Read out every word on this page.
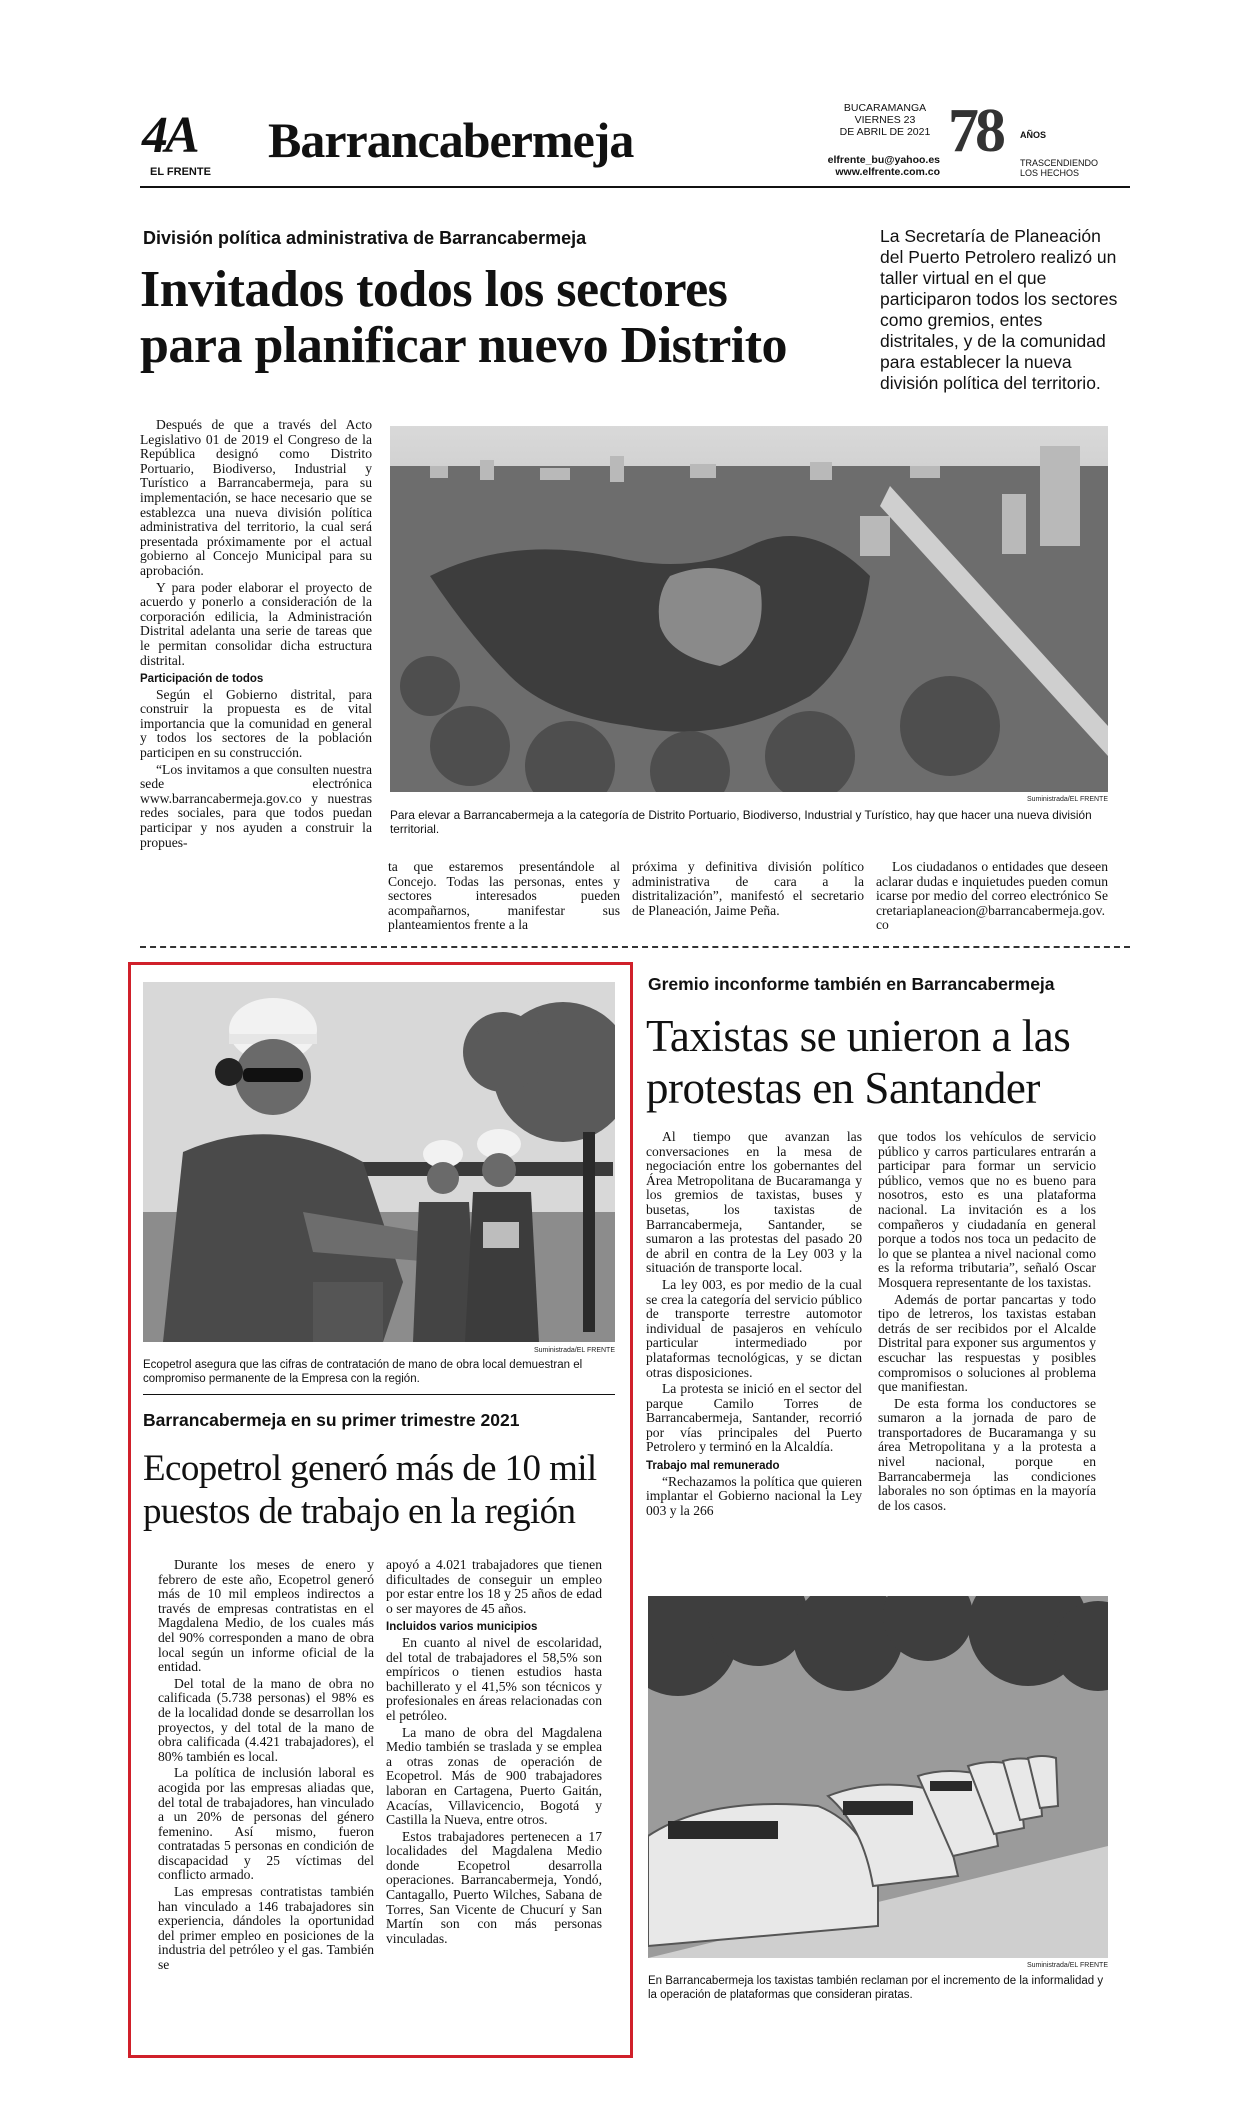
4A
EL FRENTE
Barrancabermeja
BUCARAMANGA
VIERNES 23
DE ABRIL DE 2021
elfrente_bu@yahoo.es
www.elfrente.com.co
78 AÑOS
TRASCENDIENDO
LOS HECHOS
División política administrativa de Barrancabermeja
Invitados todos los sectores
para planificar nuevo Distrito
La Secretaría de Planeación del Puerto Petrolero realizó un taller virtual en el que participaron todos los sectores como gremios, entes distritales, y de la comunidad para establecer la nueva división política del territorio.

Después de que a través del Acto Legislativo 01 de 2019 el Congreso de la República designó como Distrito Portuario, Biodiverso, Industrial y Turístico a Barrancabermeja, para su implementación, se hace necesario que se establezca una nueva división política administrativa del territorio, la cual será presentada próximamente por el actual gobierno al Concejo Municipal para su aprobación.

Y para poder elaborar el proyecto de acuerdo y ponerlo a consideración de la corporación edilicia, la Administración Distrital adelanta una serie de tareas que le permitan consolidar dicha estructura distrital.

Participación de todos

Según el Gobierno distrital, para construir la propuesta es de vital importancia que la comunidad en general y todos los sectores de la población participen en su construcción.

“Los invitamos a que consulten nuestra sede electrónica www.barrancabermeja.gov.co y nuestras redes sociales, para que todos puedan participar y nos ayuden a construir la propues-

Suministrada/EL FRENTE
Para elevar a Barrancabermeja a la categoría de Distrito Portuario, Biodiverso, Industrial y Turístico, hay que hacer una nueva división territorial.

ta que estaremos presentándole al Concejo. Todas las personas, entes y sectores interesados pueden acompañarnos, manifestar sus planteamientos frente a la

próxima y definitiva división político administrativa de cara a la distritalización”, manifestó el secretario de Planeación, Jaime Peña.

Los ciudadanos o entidades que deseen aclarar dudas e inquietudes pueden comunicarse por medio del correo electrónico Secretariaplaneacion@barrancabermeja.gov.co

Suministrada/EL FRENTE
Ecopetrol asegura que las cifras de contratación de mano de obra local demuestran el compromiso permanente de la Empresa con la región.
Barrancabermeja en su primer trimestre 2021
Ecopetrol generó más de 10 mil
puestos de trabajo en la región

Durante los meses de enero y febrero de este año, Ecopetrol generó más de 10 mil empleos indirectos a través de empresas contratistas en el Magdalena Medio, de los cuales más del 90% corresponden a mano de obra local según un informe oficial de la entidad.

Del total de la mano de obra no calificada (5.738 personas) el 98% es de la localidad donde se desarrollan los proyectos, y del total de la mano de obra calificada (4.421 trabajadores), el 80% también es local.

La política de inclusión laboral es acogida por las empresas aliadas que, del total de trabajadores, han vinculado a un 20% de personas del género femenino. Así mismo, fueron contratadas 5 personas en condición de discapacidad y 25 víctimas del conflicto armado.

Las empresas contratistas también han vinculado a 146 trabajadores sin experiencia, dándoles la oportunidad del primer empleo en posiciones de la industria del petróleo y el gas. También se

apoyó a 4.021 trabajadores que tienen dificultades de conseguir un empleo por estar entre los 18 y 25 años de edad o ser mayores de 45 años.

Incluidos varios municipios

En cuanto al nivel de escolaridad, del total de trabajadores el 58,5% son empíricos o tienen estudios hasta bachillerato y el 41,5% son técnicos y profesionales en áreas relacionadas con el petróleo.

La mano de obra del Magdalena Medio también se traslada y se emplea a otras zonas de operación de Ecopetrol. Más de 900 trabajadores laboran en Cartagena, Puerto Gaitán, Acacías, Villavicencio, Bogotá y Castilla la Nueva, entre otros.

Estos trabajadores pertenecen a 17 localidades del Magdalena Medio donde Ecopetrol desarrolla operaciones. Barrancabermeja, Yondó, Cantagallo, Puerto Wilches, Sabana de Torres, San Vicente de Chucurí y San Martín son con más personas vinculadas.

Gremio inconforme también en Barrancabermeja
Taxistas se unieron a las
protestas en Santander

Al tiempo que avanzan las conversaciones en la mesa de negociación entre los gobernantes del Área Metropolitana de Bucaramanga y los gremios de taxistas, buses y busetas, los taxistas de Barrancabermeja, Santander, se sumaron a las protestas del pasado 20 de abril en contra de la Ley 003 y la situación de transporte local.

La ley 003, es por medio de la cual se crea la categoría del servicio público de transporte terrestre automotor individual de pasajeros en vehículo particular intermediado por plataformas tecnológicas, y se dictan otras disposiciones.

La protesta se inició en el sector del parque Camilo Torres de Barrancabermeja, Santander, recorrió por vías principales del Puerto Petrolero y terminó en la Alcaldía.

Trabajo mal remunerado

“Rechazamos la política que quieren implantar el Gobierno nacional la Ley 003 y la 266

que todos los vehículos de servicio público y carros particulares entrarán a participar para formar un servicio público, vemos que no es bueno para nosotros, esto es una plataforma nacional. La invitación es a los compañeros y ciudadanía en general porque a todos nos toca un pedacito de lo que se plantea a nivel nacional como es la reforma tributaria”, señaló Oscar Mosquera representante de los taxistas.

Además de portar pancartas y todo tipo de letreros, los taxistas estaban detrás de ser recibidos por el Alcalde Distrital para exponer sus argumentos y escuchar las respuestas y posibles compromisos o soluciones al problema que manifiestan.

De esta forma los conductores se sumaron a la jornada de paro de transportadores de Bucaramanga y su área Metropolitana y a la protesta a nivel nacional, porque en Barrancabermeja las condiciones laborales no son óptimas en la mayoría de los casos.

Suministrada/EL FRENTE
En Barrancabermeja los taxistas también reclaman por el incremento de la informalidad y la operación de plataformas que consideran piratas.
